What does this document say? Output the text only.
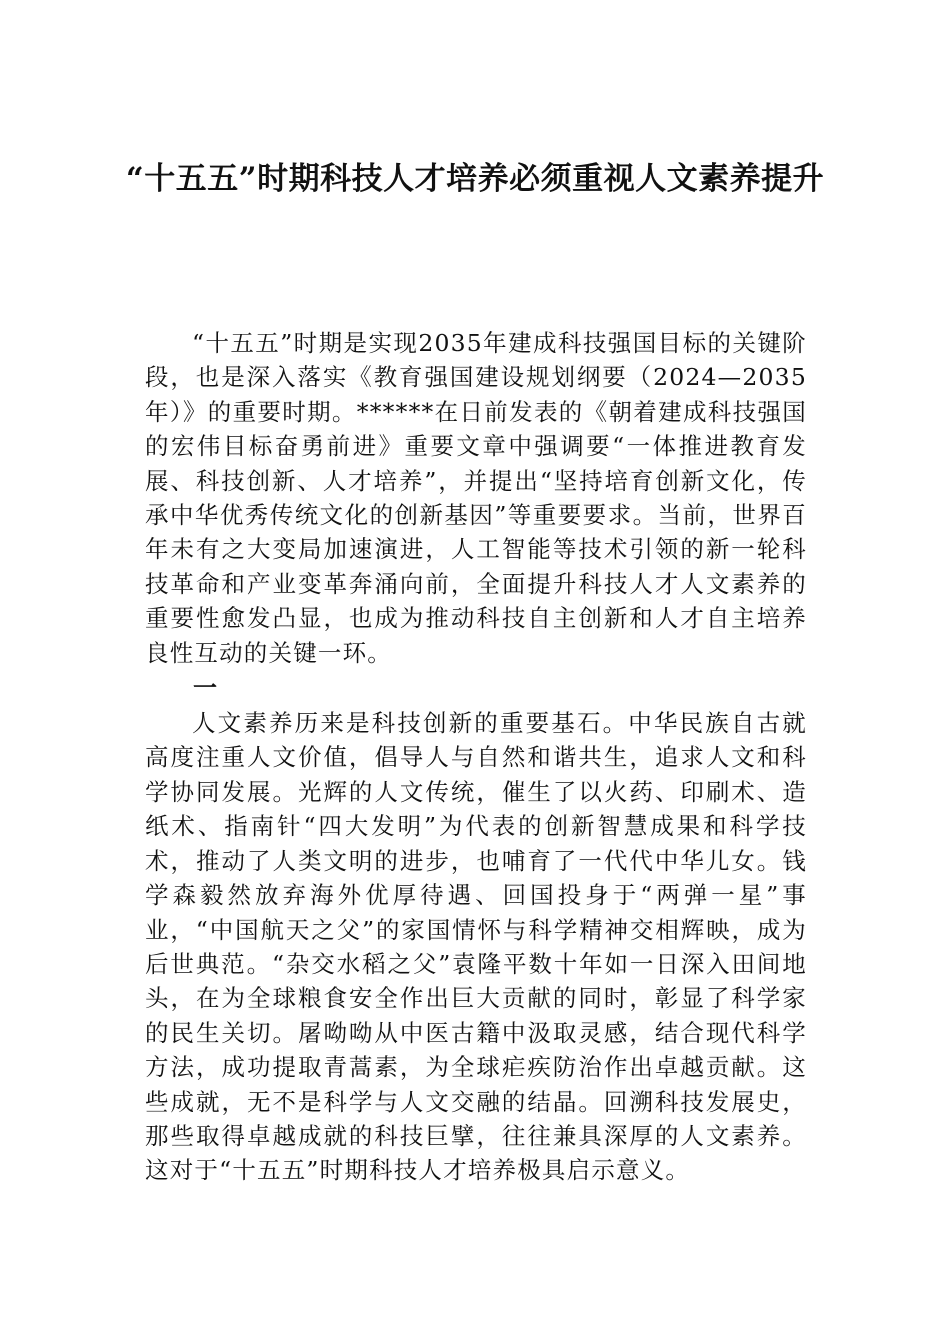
“十五五”时期科技人才培养必须重视人文素养提升

“十五五”时期是实现2035年建成科技强国目标的关键阶段，也是深入落实《教育强国建设规划纲要（2024—2035年）》的重要时期。******在日前发表的《朝着建成科技强国的宏伟目标奋勇前进》重要文章中强调要“一体推进教育发展、科技创新、人才培养”，并提出“坚持培育创新文化，传承中华优秀传统文化的创新基因”等重要要求。当前，世界百年未有之大变局加速演进，人工智能等技术引领的新一轮科技革命和产业变革奔涌向前，全面提升科技人才人文素养的重要性愈发凸显，也成为推动科技自主创新和人才自主培养良性互动的关键一环。

一

人文素养历来是科技创新的重要基石。中华民族自古就高度注重人文价值，倡导人与自然和谐共生，追求人文和科学协同发展。光辉的人文传统，催生了以火药、印刷术、造纸术、指南针“四大发明”为代表的创新智慧成果和科学技术，推动了人类文明的进步，也哺育了一代代中华儿女。钱学森毅然放弃海外优厚待遇、回国投身于“两弹一星”事业，“中国航天之父”的家国情怀与科学精神交相辉映，成为后世典范。“杂交水稻之父”袁隆平数十年如一日深入田间地头，在为全球粮食安全作出巨大贡献的同时，彰显了科学家的民生关切。屠呦呦从中医古籍中汲取灵感，结合现代科学方法，成功提取青蒿素，为全球疟疾防治作出卓越贡献。这些成就，无不是科学与人文交融的结晶。回溯科技发展史，那些取得卓越成就的科技巨擘，往往兼具深厚的人文素养。这对于“十五五”时期科技人才培养极具启示意义。
